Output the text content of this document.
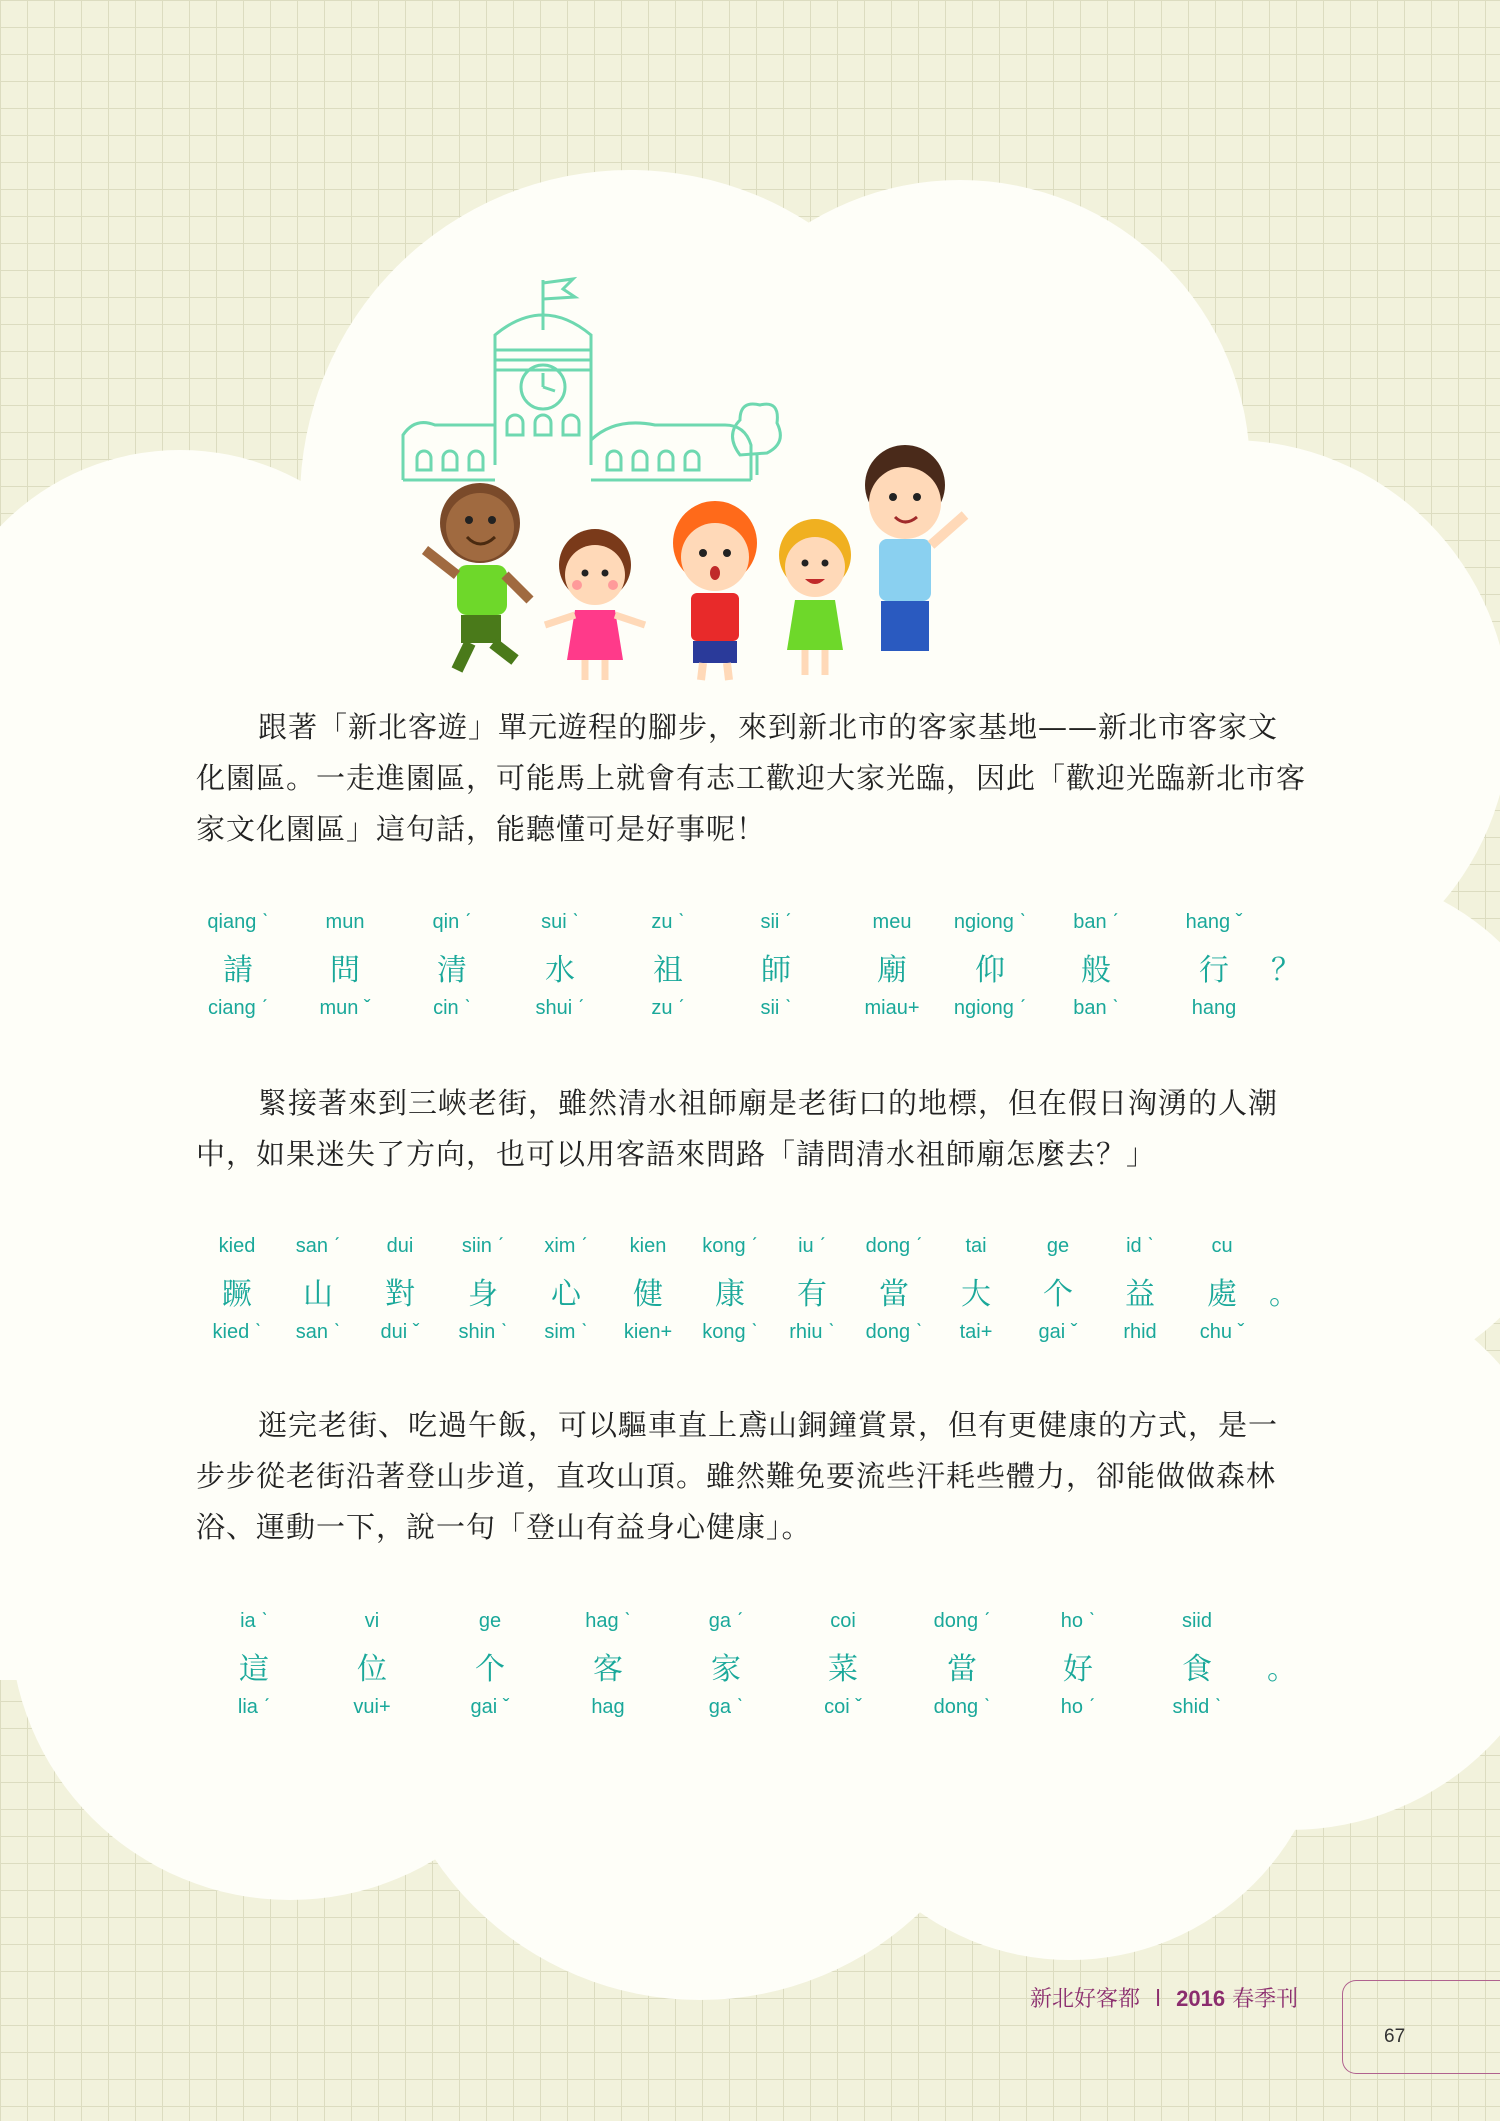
跟著「新北客遊」單元遊程的腳步，來到新北市的客家基地——新北市客家文化園區。一走進園區，可能馬上就會有志工歡迎大家光臨，因此「歡迎光臨新北市客家文化園區」這句話，能聽懂可是好事呢！

qiang ˋ
請
ciang ˊ
mun
問
mun ˇ
qin ˊ
清
cin ˋ
sui ˋ
水
shui ˊ
zu ˋ
祖
zu ˊ
sii ˊ
師
sii ˋ
meu
廟
miau+
ngiong ˋ
仰
ngiong ˊ
ban ˊ
般
ban ˋ
hang ˇ
行
hang
？

緊接著來到三峽老街，雖然清水祖師廟是老街口的地標，但在假日洶湧的人潮中，如果迷失了方向，也可以用客語來問路「請問清水祖師廟怎麼去？」

kied
蹶
kied ˋ
san ˊ
山
san ˋ
dui
對
dui ˇ
siin ˊ
身
shin ˋ
xim ˊ
心
sim ˋ
kien
健
kien+
kong ˊ
康
kong ˋ
iu ˊ
有
rhiu ˋ
dong ˊ
當
dong ˋ
tai
大
tai+
ge
个
gai ˇ
id ˋ
益
rhid
cu
處
chu ˇ
。

逛完老街、吃過午飯，可以驅車直上鳶山銅鐘賞景，但有更健康的方式，是一步步從老街沿著登山步道，直攻山頂。雖然難免要流些汗耗些體力，卻能做做森林浴、運動一下，說一句「登山有益身心健康」。

ia ˋ
這
lia ˊ
vi
位
vui+
ge
个
gai ˇ
hag ˋ
客
hag
ga ˊ
家
ga ˋ
coi
菜
coi ˇ
dong ˊ
當
dong ˋ
ho ˋ
好
ho ˊ
siid
食
shid ˋ
。
新北好客都 l 2016 春季刊
67
